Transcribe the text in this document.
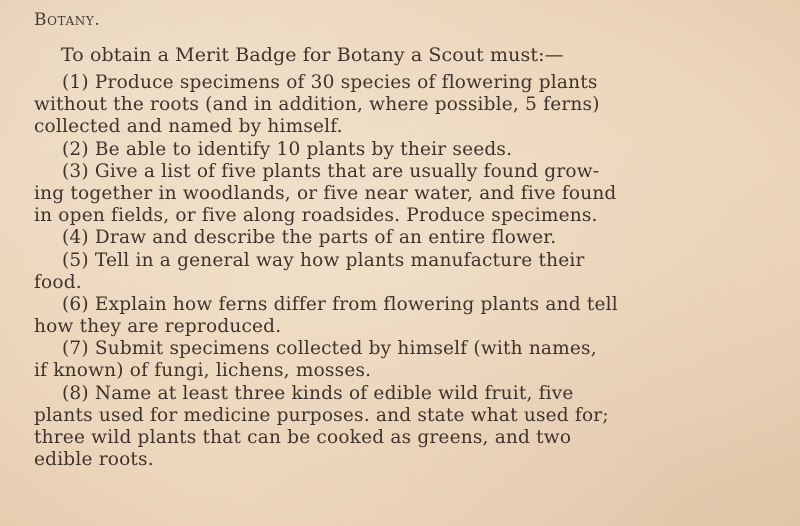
Botany.
To obtain a Merit Badge for Botany a Scout must:—
(1) Produce specimens of 30 species of flowering plants
without the roots (and in addition, where possible, 5 ferns)
collected and named by himself.
(2) Be able to identify 10 plants by their seeds.
(3) Give a list of five plants that are usually found grow-
ing together in woodlands, or five near water, and five found
in open fields, or five along roadsides. Produce specimens.
(4) Draw and describe the parts of an entire flower.
(5) Tell in a general way how plants manufacture their
food.
(6) Explain how ferns differ from flowering plants and tell
how they are reproduced.
(7) Submit specimens collected by himself (with names,
if known) of fungi, lichens, mosses.
(8) Name at least three kinds of edible wild fruit, five
plants used for medicine purposes. and state what used for;
three wild plants that can be cooked as greens, and two
edible roots.
